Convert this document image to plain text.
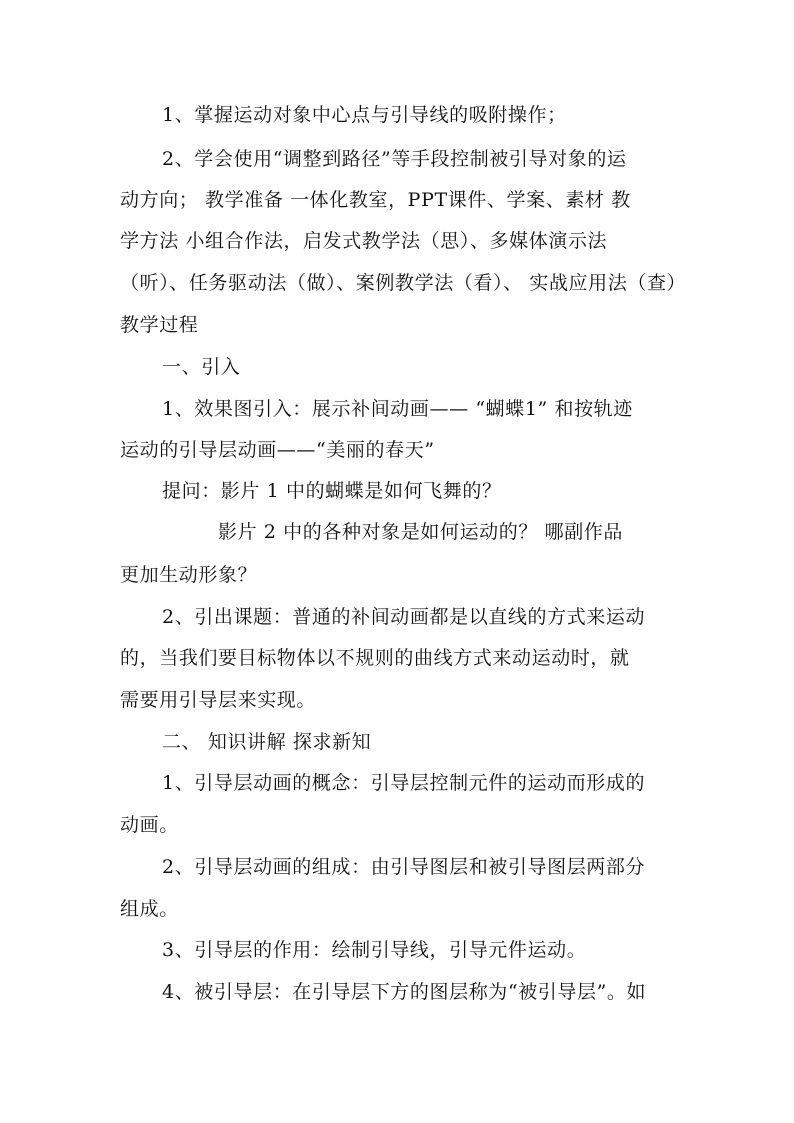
1、掌握运动对象中心点与引导线的吸附操作；
2、学会使用“调整到路径”等手段控制被引导对象的运
动方向； 教学准备 一体化教室，PPT课件、学案、素材 教
学方法 小组合作法，启发式教学法（思）、多媒体演示法
（听）、任务驱动法（做）、案例教学法（看）、 实战应用法（查）
教学过程
一、引入
1、效果图引入：展示补间动画—— “蝴蝶1” 和按轨迹
运动的引导层动画——“美丽的春天”
提问：影片 1 中的蝴蝶是如何飞舞的？
影片 2 中的各种对象是如何运动的？ 哪副作品
更加生动形象？
2、引出课题：普通的补间动画都是以直线的方式来运动
的，当我们要目标物体以不规则的曲线方式来动运动时，就
需要用引导层来实现。
二、 知识讲解 探求新知
1、引导层动画的概念：引导层控制元件的运动而形成的
动画。
2、引导层动画的组成：由引导图层和被引导图层两部分
组成。
3、引导层的作用：绘制引导线，引导元件运动。
4、被引导层：在引导层下方的图层称为“被引导层”。如
